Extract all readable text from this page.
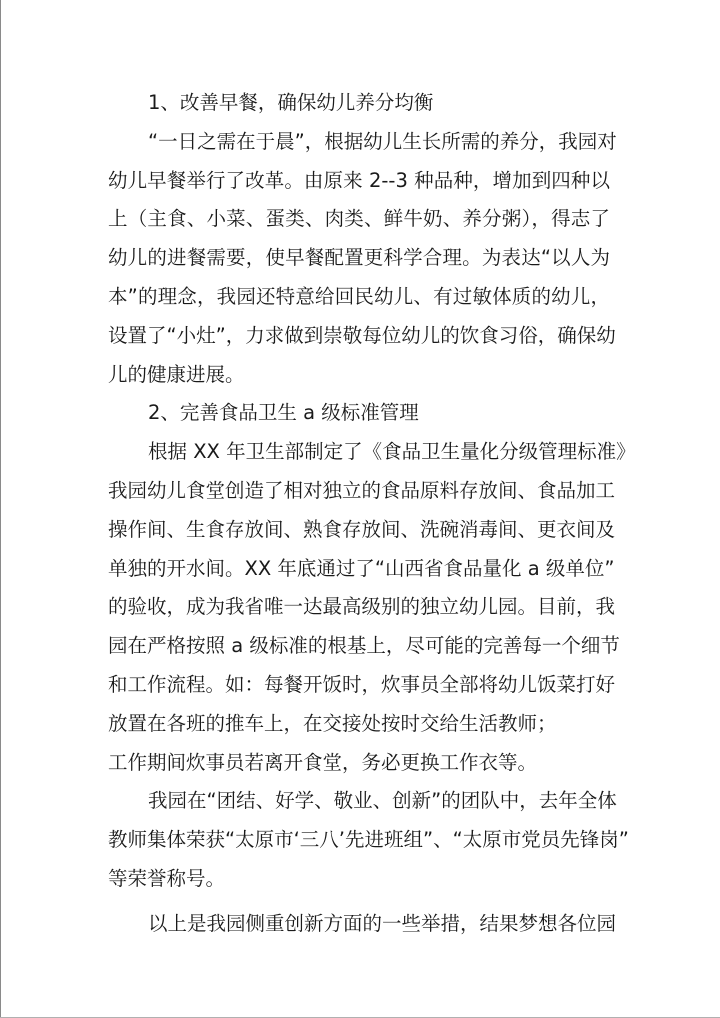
1、改善早餐，确保幼儿养分均衡
“一日之需在于晨”，根据幼儿生长所需的养分，我园对
幼儿早餐举行了改革。由原来 2--3 种品种，增加到四种以
上（主食、小菜、蛋类、肉类、鲜牛奶、养分粥），得志了
幼儿的进餐需要，使早餐配置更科学合理。为表达“以人为
本”的理念，我园还特意给回民幼儿、有过敏体质的幼儿，
设置了“小灶”，力求做到崇敬每位幼儿的饮食习俗，确保幼
儿的健康进展。
2、完善食品卫生 a 级标准管理
根据 XX 年卫生部制定了《食品卫生量化分级管理标准》
我园幼儿食堂创造了相对独立的食品原料存放间、食品加工
操作间、生食存放间、熟食存放间、洗碗消毒间、更衣间及
单独的开水间。XX 年底通过了“山西省食品量化 a 级单位”
的验收，成为我省唯一达最高级别的独立幼儿园。目前，我
园在严格按照 a 级标准的根基上，尽可能的完善每一个细节
和工作流程。如：每餐开饭时，炊事员全部将幼儿饭菜打好
放置在各班的推车上，在交接处按时交给生活教师；
工作期间炊事员若离开食堂，务必更换工作衣等。
我园在“团结、好学、敬业、创新”的团队中，去年全体
教师集体荣获“太原市‘三八’先进班组”、“太原市党员先锋岗”
等荣誉称号。
以上是我园侧重创新方面的一些举措，结果梦想各位园
